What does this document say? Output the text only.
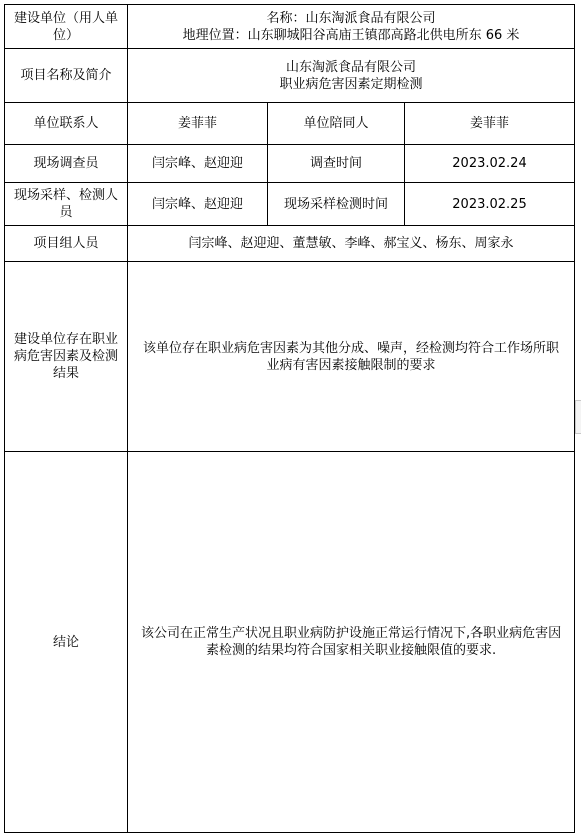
建设单位（用人单位）	名称：山东淘派食品有限公司
地理位置：山东聊城阳谷高庙王镇邵高路北供电所东 66 米		

项目名称及简介	山东淘派食品有限公司
职业病危害因素定期检测		

单位联系人	姜菲菲	单位陪同人	姜菲菲
现场调查员	闫宗峰、赵迎迎	调查时间	2023.02.24
现场采样、检测人员	闫宗峰、赵迎迎	现场采样检测时间	2023.02.25
项目组人员	闫宗峰、赵迎迎、董慧敏、李峰、郝宝义、杨东、周家永		
建设单位存在职业病危害因素及检测结果	该单位存在职业病危害因素为其他分成、噪声，经检测均符合工作场所职业病有害因素接触限制的要求		
结论	该公司在正常生产状况且职业病防护设施正常运行情况下,各职业病危害因素检测的结果均符合国家相关职业接触限值的要求.		
